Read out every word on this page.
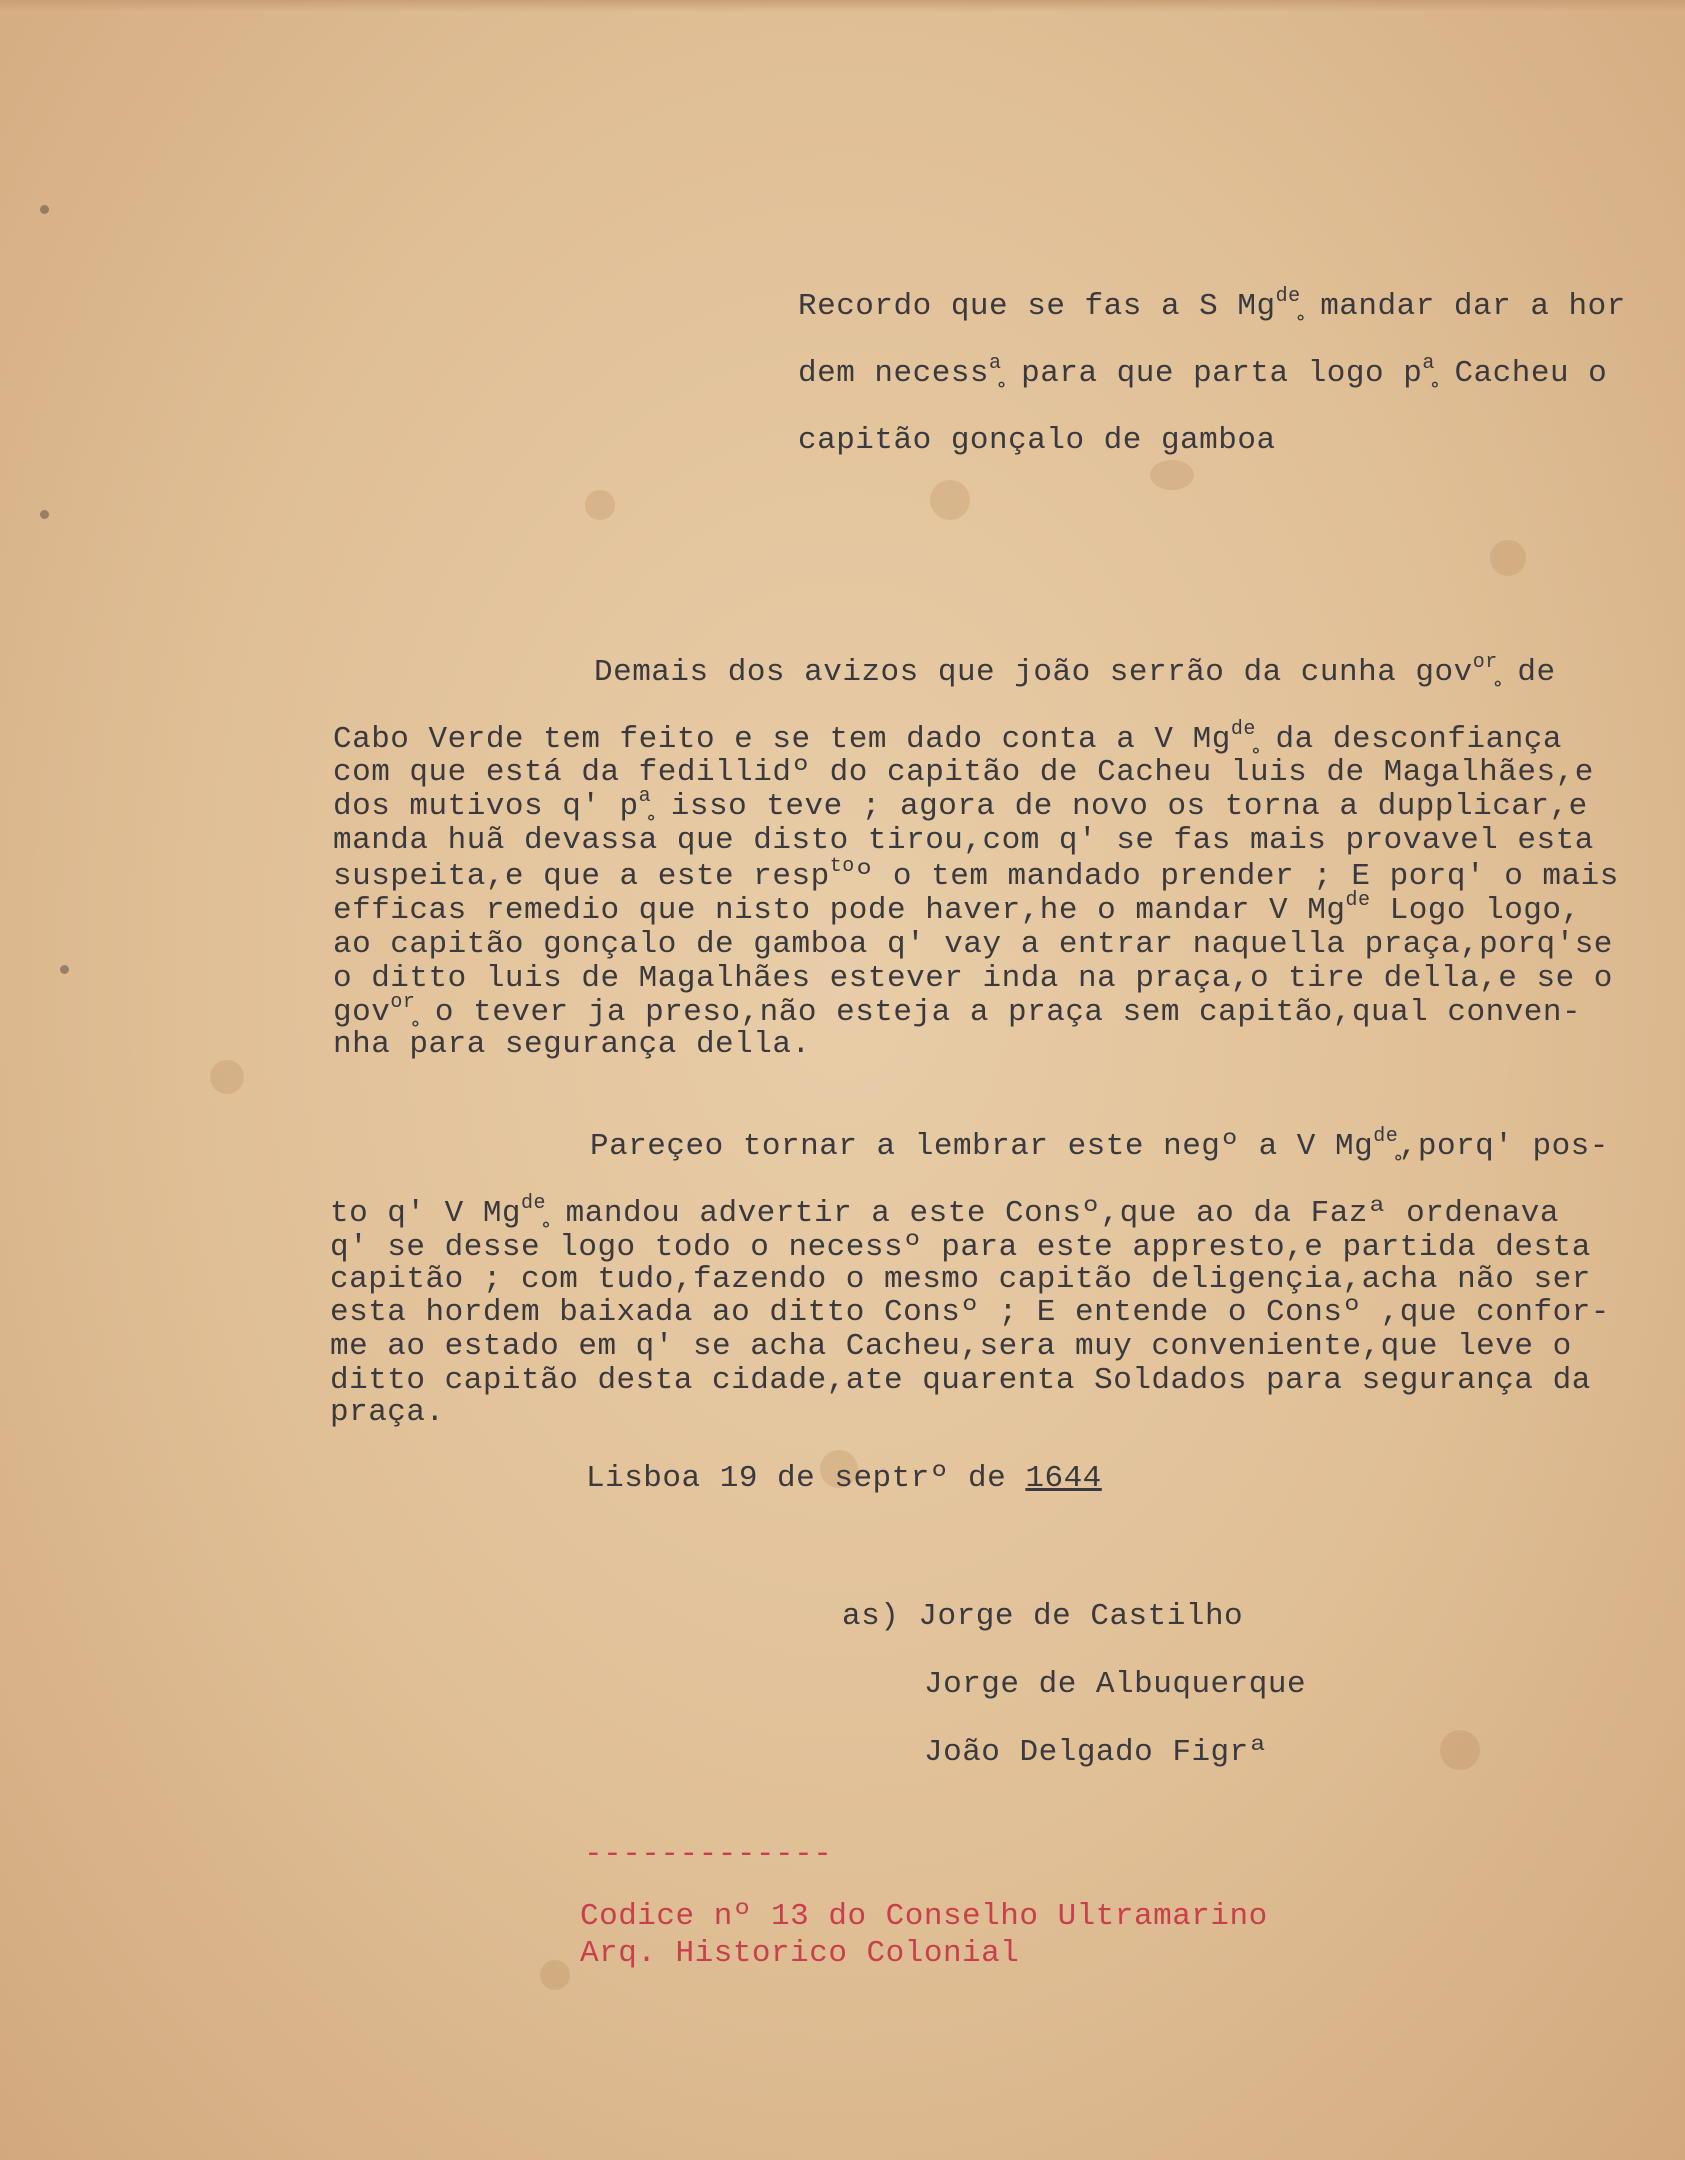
Recordo que se fas a S $Mg^{de}̥$ mandar dar a hor
dem necess$^a$̥ para que parta logo $p^ḁ$ Cacheu o
capitão gonçalo de gamboa
Demais dos avizos que joão serrão da cunha gov$^{or}$̥ de
Cabo Verde tem feito e se tem dado conta a V $Mg^{de}̥$ da desconfiança
com que está da fedillidº do capitão de Cacheu luis de Magalhães,e
dos mutivos q' $p^ḁ$ isso teve ; agora de novo os torna a dupplicar,e
manda huã devassa que disto tirou,com q' se fas mais provavel esta
suspeita,e que a este resp$^{to}$º o tem mandado prender ; E porq' o mais
efficas remedio que nisto pode haver,he o mandar V $Mg^{de}$ Logo logo,
ao capitão gonçalo de gamboa q' vay a entrar naquella praça,porq'se
o ditto luis de Magalhães estever inda na praça,o tire della,e se o
gov$^{or}$̥ o tever ja preso,não esteja a praça sem capitão,qual conven-
nha para segurança della.
Pareçeo tornar a lembrar este negº a V $Mg^{de}̥,porq'$ pos-
to q' V $Mg^{de}̥$ mandou advertir a este Consº,que ao da Fazª ordenava
q' se desse logo todo o necessº para este appresto,e partida desta
capitão ; com tudo,fazendo o mesmo capitão deligençia,acha não ser
esta hordem baixada ao ditto Consº ; E entende o Consº ,que confor-
me ao estado em q' se acha Cacheu,sera muy conveniente,que leve o
ditto capitão desta cidade,ate quarenta Soldados para segurança da
praça.
Lisboa 19 de septrº de 1644
as) Jorge de Castilho
Jorge de Albuquerque
João Delgado Figrª
-------------
Codice nº 13 do Conselho Ultramarino
Arq. Historico Colonial
